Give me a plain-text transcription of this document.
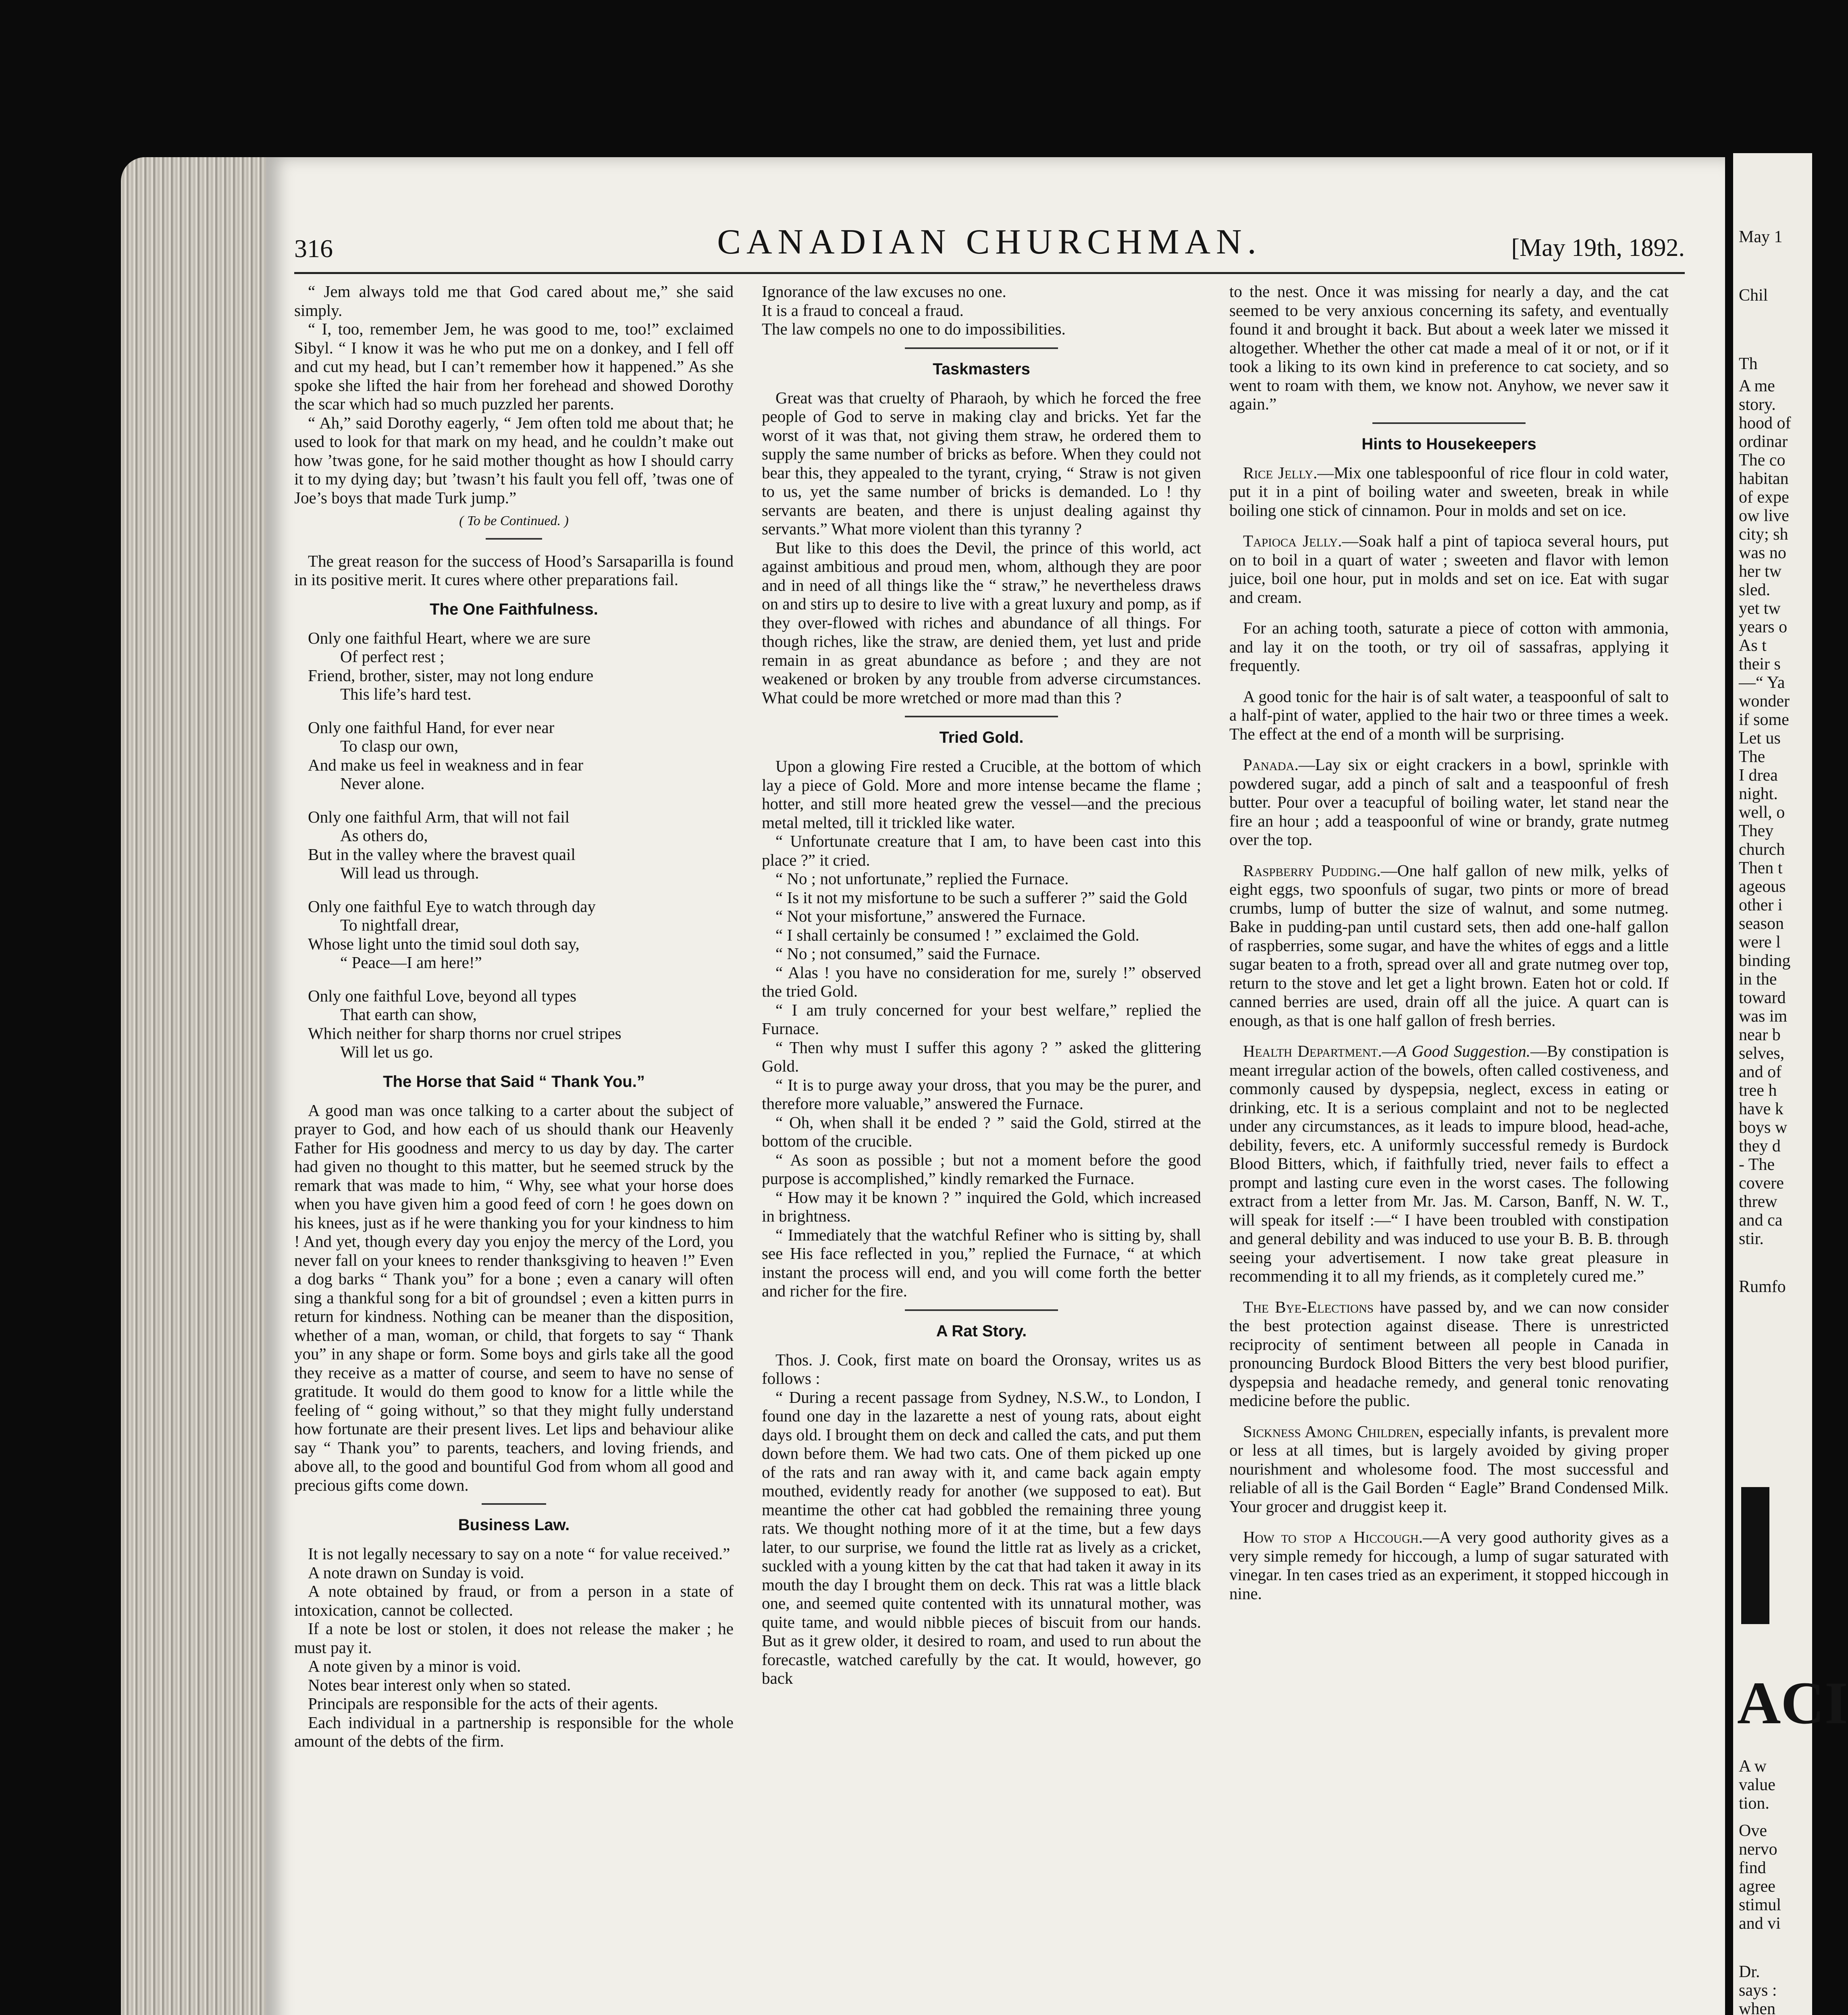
316	CANADIAN CHURCHMAN.	[May 19th, 1892.

“ Jem always told me that God cared about me,” she said simply.

“ I, too, remember Jem, he was good to me, too!” exclaimed Sibyl. “ I know it was he who put me on a donkey, and I fell off and cut my head, but I can’t remember how it happened.” As she spoke she lifted the hair from her forehead and showed Dorothy the scar which had so much puzzled her parents.

“ Ah,” said Dorothy eagerly, “ Jem often told me about that; he used to look for that mark on my head, and he couldn’t make out how ’twas gone, for he said mother thought as how I should carry it to my dying day; but ’twasn’t his fault you fell off, ’twas one of Joe’s boys that made Turk jump.”

( To be Continued. )

The great reason for the success of Hood’s Sarsaparilla is found in its positive merit. It cures where other preparations fail.

The One Faithfulness.
Only one faithful Heart, where we are sure
Of perfect rest ;
Friend, brother, sister, may not long endure
This life’s hard test.
Only one faithful Hand, for ever near
To clasp our own,
And make us feel in weakness and in fear
Never alone.
Only one faithful Arm, that will not fail
As others do,
But in the valley where the bravest quail
Will lead us through.
Only one faithful Eye to watch through day
To nightfall drear,
Whose light unto the timid soul doth say,
“ Peace—I am here!”
Only one faithful Love, beyond all types
That earth can show,
Which neither for sharp thorns nor cruel stripes
Will let us go.
The Horse that Said “ Thank You.”

A good man was once talking to a carter about the subject of prayer to God, and how each of us should thank our Heavenly Father for His goodness and mercy to us day by day. The carter had given no thought to this matter, but he seemed struck by the remark that was made to him, “ Why, see what your horse does when you have given him a good feed of corn ! he goes down on his knees, just as if he were thanking you for your kindness to him ! And yet, though every day you enjoy the mercy of the Lord, you never fall on your knees to render thanksgiving to heaven !” Even a dog barks “ Thank you” for a bone ; even a canary will often sing a thankful song for a bit of groundsel ; even a kitten purrs in return for kindness. Nothing can be meaner than the disposition, whether of a man, woman, or child, that forgets to say “ Thank you” in any shape or form. Some boys and girls take all the good they receive as a matter of course, and seem to have no sense of gratitude. It would do them good to know for a little while the feeling of “ going without,” so that they might fully understand how fortunate are their present lives. Let lips and behaviour alike say “ Thank you” to parents, teachers, and loving friends, and above all, to the good and bountiful God from whom all good and precious gifts come down.

Business Law.

It is not legally necessary to say on a note “ for value received.”

A note drawn on Sunday is void.

A note obtained by fraud, or from a person in a state of intoxication, cannot be collected.

If a note be lost or stolen, it does not release the maker ; he must pay it.

A note given by a minor is void.

Notes bear interest only when so stated.

Principals are responsible for the acts of their agents.

Each individual in a partnership is responsible for the whole amount of the debts of the firm.

Ignorance of the law excuses no one.

It is a fraud to conceal a fraud.

The law compels no one to do impossibilities.

Taskmasters

Great was that cruelty of Pharaoh, by which he forced the free people of God to serve in making clay and bricks. Yet far the worst of it was that, not giving them straw, he ordered them to supply the same number of bricks as before. When they could not bear this, they appealed to the tyrant, crying, “ Straw is not given to us, yet the same number of bricks is demanded. Lo ! thy servants are beaten, and there is unjust dealing against thy servants.” What more violent than this tyranny ?

But like to this does the Devil, the prince of this world, act against ambitious and proud men, whom, although they are poor and in need of all things like the “ straw,” he nevertheless draws on and stirs up to desire to live with a great luxury and pomp, as if they over-flowed with riches and abundance of all things. For though riches, like the straw, are denied them, yet lust and pride remain in as great abundance as before ; and they are not weakened or broken by any trouble from adverse circumstances. What could be more wretched or more mad than this ?

Tried Gold.

Upon a glowing Fire rested a Crucible, at the bottom of which lay a piece of Gold. More and more intense became the flame ; hotter, and still more heated grew the vessel—and the precious metal melted, till it trickled like water.

“ Unfortunate creature that I am, to have been cast into this place ?” it cried.

“ No ; not unfortunate,” replied the Furnace.

“ Is it not my misfortune to be such a sufferer ?” said the Gold

“ Not your misfortune,” answered the Furnace.

“ I shall certainly be consumed ! ” exclaimed the Gold.

“ No ; not consumed,” said the Furnace.

“ Alas ! you have no consideration for me, surely !” observed the tried Gold.

“ I am truly concerned for your best welfare,” replied the Furnace.

“ Then why must I suffer this agony ? ” asked the glittering Gold.

“ It is to purge away your dross, that you may be the purer, and therefore more valuable,” answered the Furnace.

“ Oh, when shall it be ended ? ” said the Gold, stirred at the bottom of the crucible.

“ As soon as possible ; but not a moment before the good purpose is accomplished,” kindly remarked the Furnace.

“ How may it be known ? ” inquired the Gold, which increased in brightness.

“ Immediately that the watchful Refiner who is sitting by, shall see His face reflected in you,” replied the Furnace, “ at which instant the process will end, and you will come forth the better and richer for the fire.

A Rat Story.

Thos. J. Cook, first mate on board the Oronsay, writes us as follows :

“ During a recent passage from Sydney, N.S.W., to London, I found one day in the lazarette a nest of young rats, about eight days old. I brought them on deck and called the cats, and put them down before them. We had two cats. One of them picked up one of the rats and ran away with it, and came back again empty mouthed, evidently ready for another (we supposed to eat). But meantime the other cat had gobbled the remaining three young rats. We thought nothing more of it at the time, but a few days later, to our surprise, we found the little rat as lively as a cricket, suckled with a young kitten by the cat that had taken it away in its mouth the day I brought them on deck. This rat was a little black one, and seemed quite contented with its unnatural mother, was quite tame, and would nibble pieces of biscuit from our hands. But as it grew older, it desired to roam, and used to run about the forecastle, watched carefully by the cat. It would, however, go back

to the nest. Once it was missing for nearly a day, and the cat seemed to be very anxious concerning its safety, and eventually found it and brought it back. But about a week later we missed it altogether. Whether the other cat made a meal of it or not, or if it took a liking to its own kind in preference to cat society, and so went to roam with them, we know not. Anyhow, we never saw it again.”

Hints to Housekeepers

Rice Jelly.—Mix one tablespoonful of rice flour in cold water, put it in a pint of boiling water and sweeten, break in while boiling one stick of cinnamon. Pour in molds and set on ice.

Tapioca Jelly.—Soak half a pint of tapioca several hours, put on to boil in a quart of water ; sweeten and flavor with lemon juice, boil one hour, put in molds and set on ice. Eat with sugar and cream.

For an aching tooth, saturate a piece of cotton with ammonia, and lay it on the tooth, or try oil of sassafras, applying it frequently.

A good tonic for the hair is of salt water, a teaspoonful of salt to a half-pint of water, applied to the hair two or three times a week. The effect at the end of a month will be surprising.

Panada.—Lay six or eight crackers in a bowl, sprinkle with powdered sugar, add a pinch of salt and a teaspoonful of fresh butter. Pour over a teacupful of boiling water, let stand near the fire an hour ; add a teaspoonful of wine or brandy, grate nutmeg over the top.

Raspberry Pudding.—One half gallon of new milk, yelks of eight eggs, two spoonfuls of sugar, two pints or more of bread crumbs, lump of butter the size of walnut, and some nutmeg. Bake in pudding-pan until custard sets, then add one-half gallon of raspberries, some sugar, and have the whites of eggs and a little sugar beaten to a froth, spread over all and grate nutmeg over top, return to the stove and let get a light brown. Eaten hot or cold. If canned berries are used, drain off all the juice. A quart can is enough, as that is one half gallon of fresh berries.

Health Department.—A Good Suggestion.—By constipation is meant irregular action of the bowels, often called costiveness, and commonly caused by dyspepsia, neglect, excess in eating or drinking, etc. It is a serious complaint and not to be neglected under any circumstances, as it leads to impure blood, head-ache, debility, fevers, etc. A uniformly successful remedy is Burdock Blood Bitters, which, if faithfully tried, never fails to effect a prompt and lasting cure even in the worst cases. The following extract from a letter from Mr. Jas. M. Carson, Banff, N. W. T., will speak for itself :—“ I have been troubled with constipation and general debility and was induced to use your B. B. B. through seeing your advertisement. I now take great pleasure in recommending it to all my friends, as it completely cured me.”

The Bye-Elections have passed by, and we can now consider the best protection against disease. There is unrestricted reciprocity of sentiment between all people in Canada in pronouncing Burdock Blood Bitters the very best blood purifier, dyspepsia and headache remedy, and general tonic renovating medicine before the public.

Sickness Among Children, especially infants, is prevalent more or less at all times, but is largely avoided by giving proper nourishment and wholesome food. The most successful and reliable of all is the Gail Borden “ Eagle” Brand Condensed Milk. Your grocer and druggist keep it.

How to stop a Hiccough.—A very good authority gives as a very simple remedy for hiccough, a lump of sugar saturated with vinegar. In ten cases tried as an experiment, it stopped hiccough in nine.

May 1
Chil
Th
A me
story.
hood of
ordinar
The co
habitan
of expe
ow live
city; sh
was no
her tw
sled.
yet tw
years o
As t
their s
—“ Ya
wonder
if some
Let us
The
I drea
night.
well, o
They
church
Then t
ageous
other i
season
were l
binding
in the
toward
was im
near b
selves,
and of
tree h
have k
boys w
they d
- The
covere
threw
and ca
stir.
Rumfo
A w
value
tion.
Ove
nervo
find
agree
stimul
and vi
Dr.
says :
when
ACI
